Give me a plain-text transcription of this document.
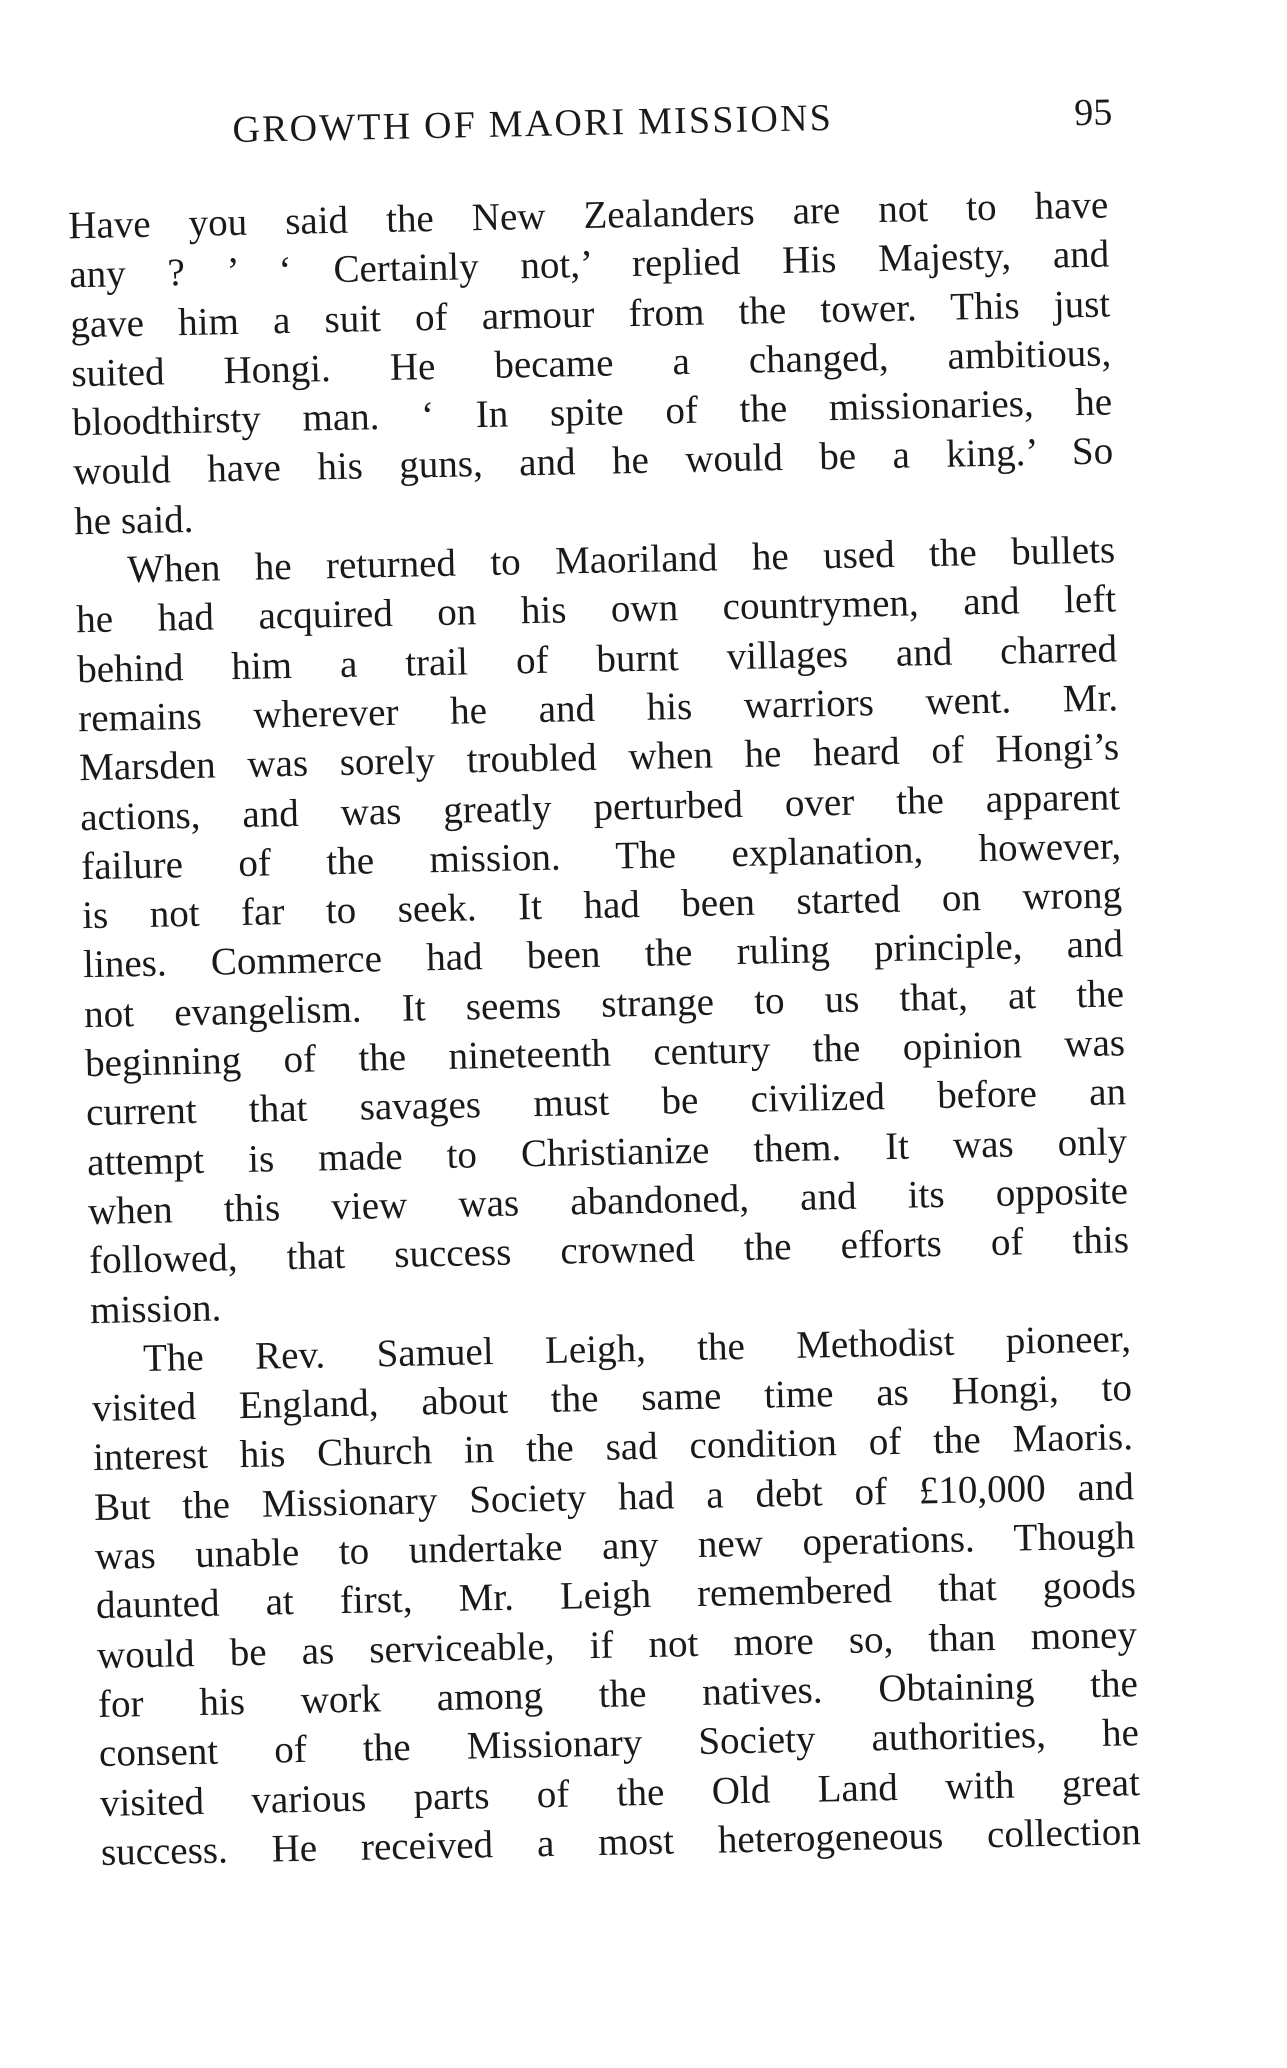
GROWTH OF MAORI MISSIONS	95
Have you said the New Zealanders are not to have
any ? ’ ‘ Certainly not,’ replied His Majesty, and
gave him a suit of armour from the tower. This just
suited Hongi. He became a changed, ambitious,
bloodthirsty man. ‘ In spite of the missionaries, he
would have his guns, and he would be a king.’ So
he said.
When he returned to Maoriland he used the bullets
he had acquired on his own countrymen, and left
behind him a trail of burnt villages and charred
remains wherever he and his warriors went. Mr.
Marsden was sorely troubled when he heard of Hongi’s
actions, and was greatly perturbed over the apparent
failure of the mission. The explanation, however,
is not far to seek. It had been started on wrong
lines. Commerce had been the ruling principle, and
not evangelism. It seems strange to us that, at the
beginning of the nineteenth century the opinion was
current that savages must be civilized before an
attempt is made to Christianize them. It was only
when this view was abandoned, and its opposite
followed, that success crowned the efforts of this
mission.
The Rev. Samuel Leigh, the Methodist pioneer,
visited England, about the same time as Hongi, to
interest his Church in the sad condition of the Maoris.
But the Missionary Society had a debt of £10,000 and
was unable to undertake any new operations. Though
daunted at first, Mr. Leigh remembered that goods
would be as serviceable, if not more so, than money
for his work among the natives. Obtaining the
consent of the Missionary Society authorities, he
visited various parts of the Old Land with great
success. He received a most heterogeneous collection
